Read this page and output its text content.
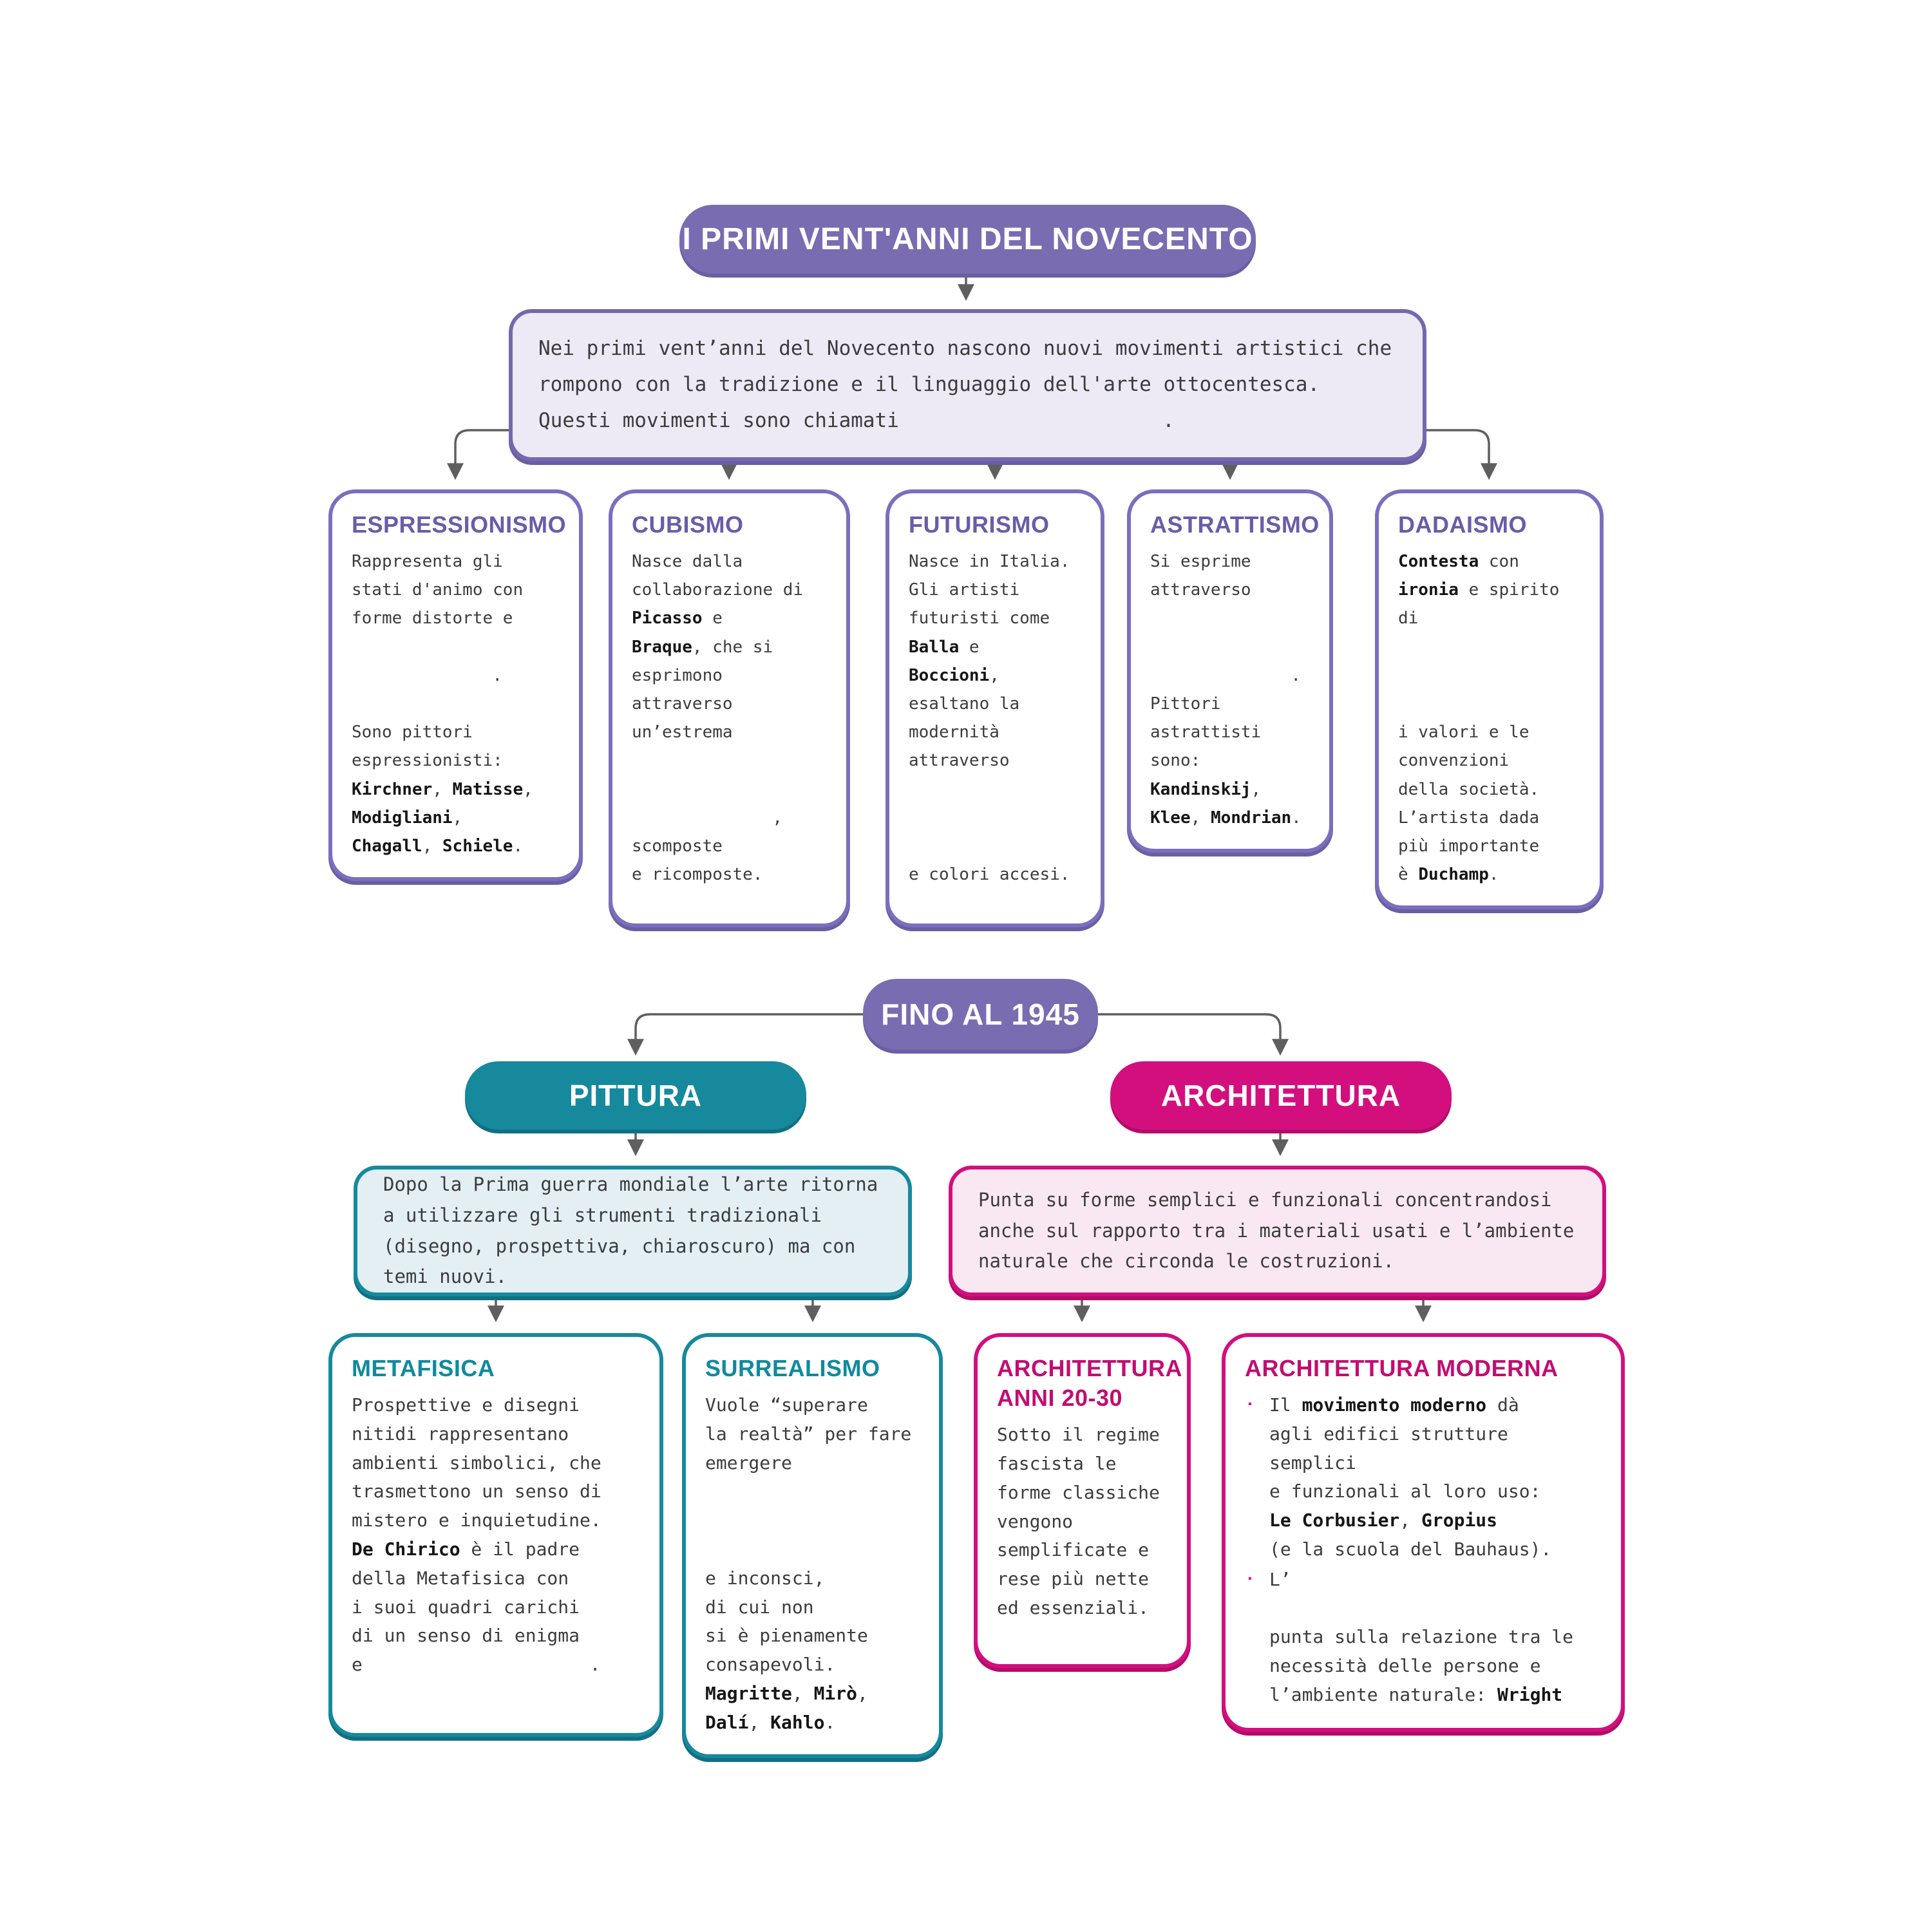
I PRIMI VENT'ANNI DEL NOVECENTO
Nei primi vent’anni del Novecento nascono nuovi movimenti artistici che rompono con la tradizione e il linguaggio dell'arte ottocentesca. Questi movimenti sono chiamati	.
ESPRESSIONISMO
Rappresenta gli
stati d'animo con
forme distorte e

.

Sono pittori
espressionisti:
Kirchner, Matisse,
Modigliani,
Chagall, Schiele.
CUBISMO
Nasce dalla
collaborazione di
Picasso e
Braque, che si
esprimono
attraverso
un’estrema

,
scomposte
e ricomposte.
FUTURISMO
Nasce in Italia.
Gli artisti
futuristi come
Balla e
Boccioni,
esaltano la
modernità
attraverso

e colori accesi.
ASTRATTISMO
Si esprime
attraverso

.
Pittori
astrattisti sono:
Kandinskij,
Klee, Mondrian.
DADAISMO
Contesta con
ironia e spirito
di

i valori e le
convenzioni
della società.
L’artista dada
più importante
è Duchamp.
FINO AL 1945
PITTURA	ARCHITETTURA
Dopo la Prima guerra mondiale l’arte ritorna a utilizzare gli strumenti tradizionali (disegno, prospettiva, chiaroscuro) ma con temi nuovi.
Punta su forme semplici e funzionali concentrandosi anche sul rapporto tra i materiali usati e l’ambiente naturale che circonda le costruzioni.
METAFISICA
Prospettive e disegni
nitidi rappresentano
ambienti simbolici, che
trasmettono un senso di
mistero e inquietudine.
De Chirico è il padre
della Metafisica con
i suoi quadri carichi
di un senso di enigma
e	.
SURREALISMO
Vuole “superare
la realtà” per fare
emergere

e inconsci,
di cui non
si è pienamente
consapevoli.
Magritte, Mirò,
Dalí, Kahlo.
ARCHITETTURA ANNI 20-30
Sotto il regime
fascista le
forme classiche
vengono
semplificate e
rese più nette
ed essenziali.
ARCHITETTURA MODERNA
· Il movimento moderno dà
agli edifici strutture semplici
e funzionali al loro uso:
Le Corbusier, Gropius
(e la scuola del Bauhaus).
· L’

punta sulla relazione tra le
necessità delle persone e
l’ambiente naturale: Wright
